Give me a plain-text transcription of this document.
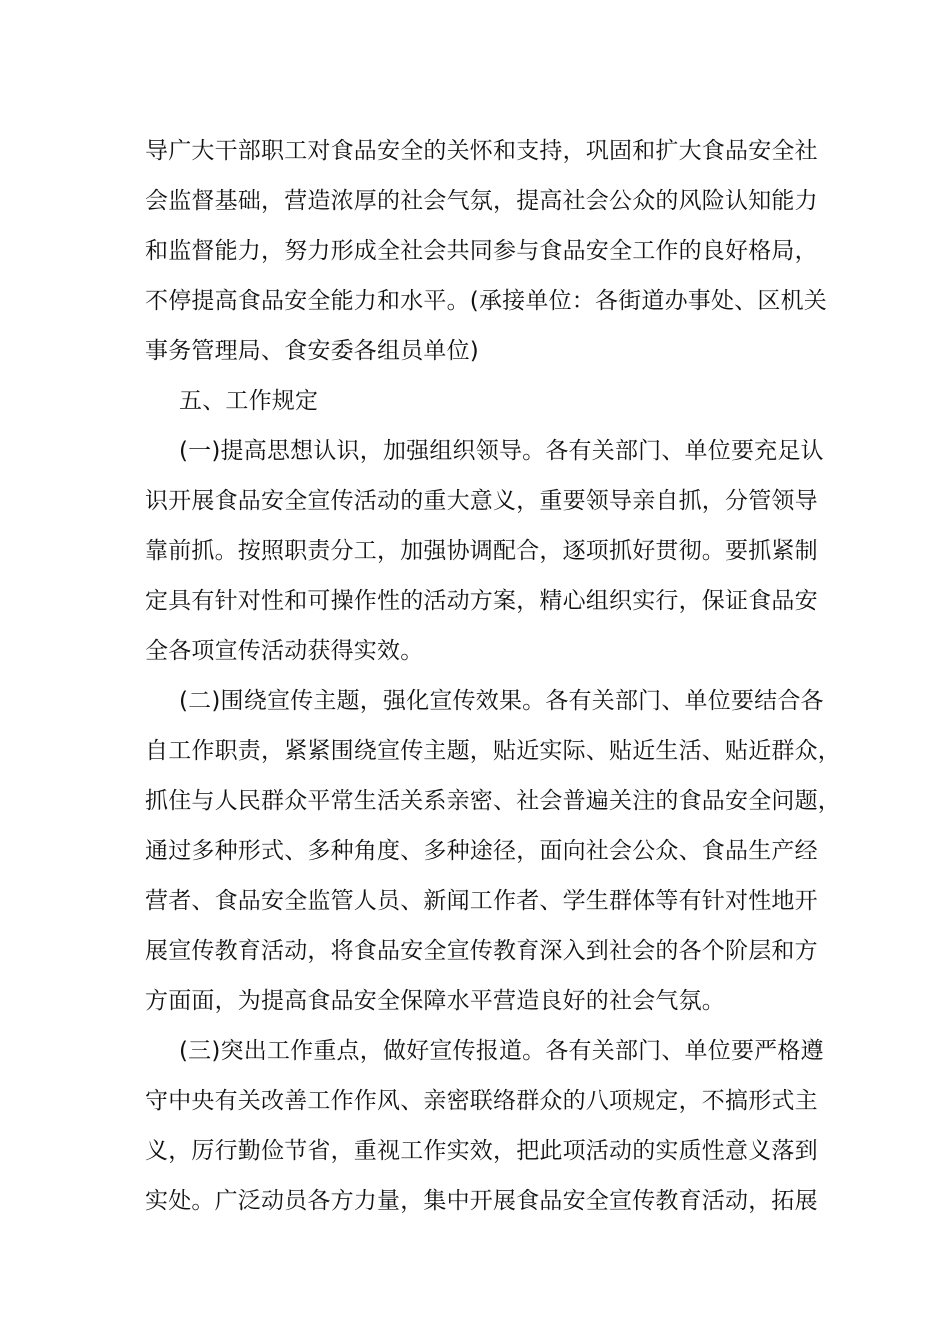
导广大干部职工对食品安全的关怀和支持，巩固和扩大食品安全社
会监督基础，营造浓厚的社会气氛，提高社会公众的风险认知能力
和监督能力，努力形成全社会共同参与食品安全工作的良好格局，
不停提高食品安全能力和水平。(承接单位：各街道办事处、区机关
事务管理局、食安委各组员单位)
五、工作规定
(一)提高思想认识，加强组织领导。各有关部门、单位要充足认
识开展食品安全宣传活动的重大意义，重要领导亲自抓，分管领导
靠前抓。按照职责分工，加强协调配合，逐项抓好贯彻。要抓紧制
定具有针对性和可操作性的活动方案，精心组织实行，保证食品安
全各项宣传活动获得实效。
(二)围绕宣传主题，强化宣传效果。各有关部门、单位要结合各
自工作职责，紧紧围绕宣传主题，贴近实际、贴近生活、贴近群众，
抓住与人民群众平常生活关系亲密、社会普遍关注的食品安全问题，
通过多种形式、多种角度、多种途径，面向社会公众、食品生产经
营者、食品安全监管人员、新闻工作者、学生群体等有针对性地开
展宣传教育活动，将食品安全宣传教育深入到社会的各个阶层和方
方面面，为提高食品安全保障水平营造良好的社会气氛。
(三)突出工作重点，做好宣传报道。各有关部门、单位要严格遵
守中央有关改善工作作风、亲密联络群众的八项规定，不搞形式主
义，厉行勤俭节省，重视工作实效，把此项活动的实质性意义落到
实处。广泛动员各方力量，集中开展食品安全宣传教育活动，拓展
